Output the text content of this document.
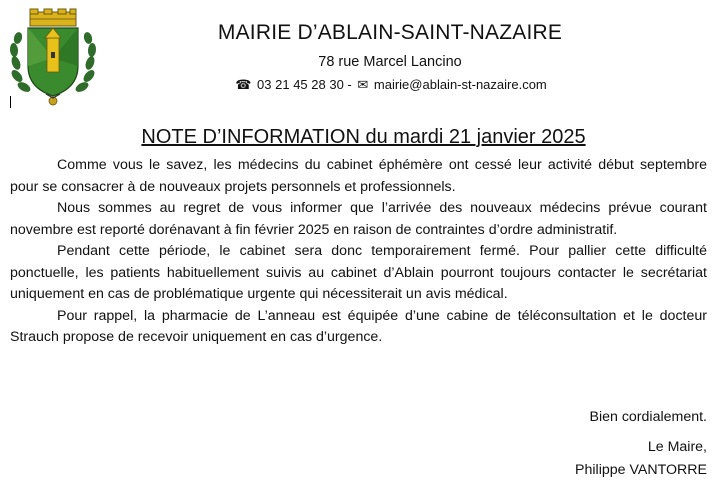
MAIRIE D’ABLAIN-SAINT-NAZAIRE
78 rue Marcel Lancino
☎ 03 21 45 28 30 - ✉ mairie@ablain-st-nazaire.com
NOTE D’INFORMATION du mardi 21 janvier 2025

Comme vous le savez, les médecins du cabinet éphémère ont cessé leur activité début septembre pour se consacrer à de nouveaux projets personnels et professionnels.

Nous sommes au regret de vous informer que l’arrivée des nouveaux médecins prévue courant novembre est reporté dorénavant à fin février 2025 en raison de contraintes d’ordre administratif.

Pendant cette période, le cabinet sera donc temporairement fermé. Pour pallier cette difficulté ponctuelle, les patients habituellement suivis au cabinet d’Ablain pourront toujours contacter le secrétariat uniquement en cas de problématique urgente qui nécessiterait un avis médical.

Pour rappel, la pharmacie de L’anneau est équipée d’une cabine de téléconsultation et le docteur Strauch propose de recevoir uniquement en cas d’urgence.

Bien cordialement.
Le Maire,
Philippe VANTORRE
